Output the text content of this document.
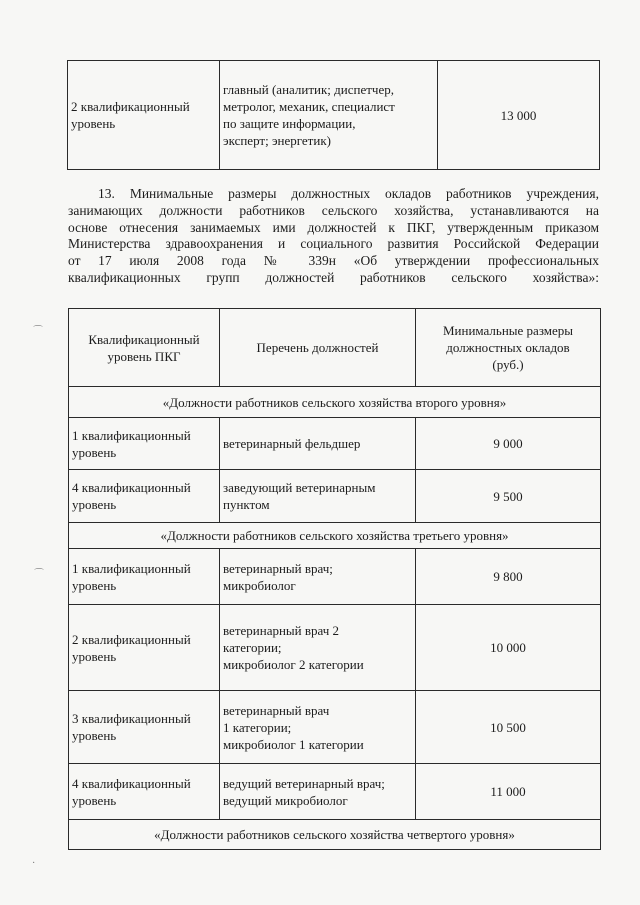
2 квалификационный
уровень	главный (аналитик; диспетчер,
метролог, механик, специалист
по защите информации,
эксперт; энергетик)	13 000
13. Минимальные размеры должностных окладов работников учреждения,
занимающих должности работников сельского хозяйства, устанавливаются на
основе отнесения занимаемых ими должностей к ПКГ, утвержденным приказом
Министерства здравоохранения и социального развития Российской Федерации
от 17 июля 2008 года № 339н «Об утверждении профессиональных
квалификационных групп должностей работников сельского хозяйства»:
Квалификационный
уровень ПКГ	Перечень должностей	Минимальные размеры
должностных окладов
(руб.)
«Должности работников сельского хозяйства второго уровня»		
1 квалификационный
уровень	ветеринарный фельдшер	9 000
4 квалификационный
уровень	заведующий ветеринарным
пунктом	9 500
«Должности работников сельского хозяйства третьего уровня»		
1 квалификационный
уровень	ветеринарный врач;
микробиолог	9 800
2 квалификационный
уровень	ветеринарный врач 2
категории;
микробиолог 2 категории	10 000
3 квалификационный
уровень	ветеринарный врач
1 категории;
микробиолог 1 категории	10 500
4 квалификационный
уровень	ведущий ветеринарный врач;
ведущий микробиолог	11 000
«Должности работников сельского хозяйства четвертого уровня»		
⌒
⌒
·
